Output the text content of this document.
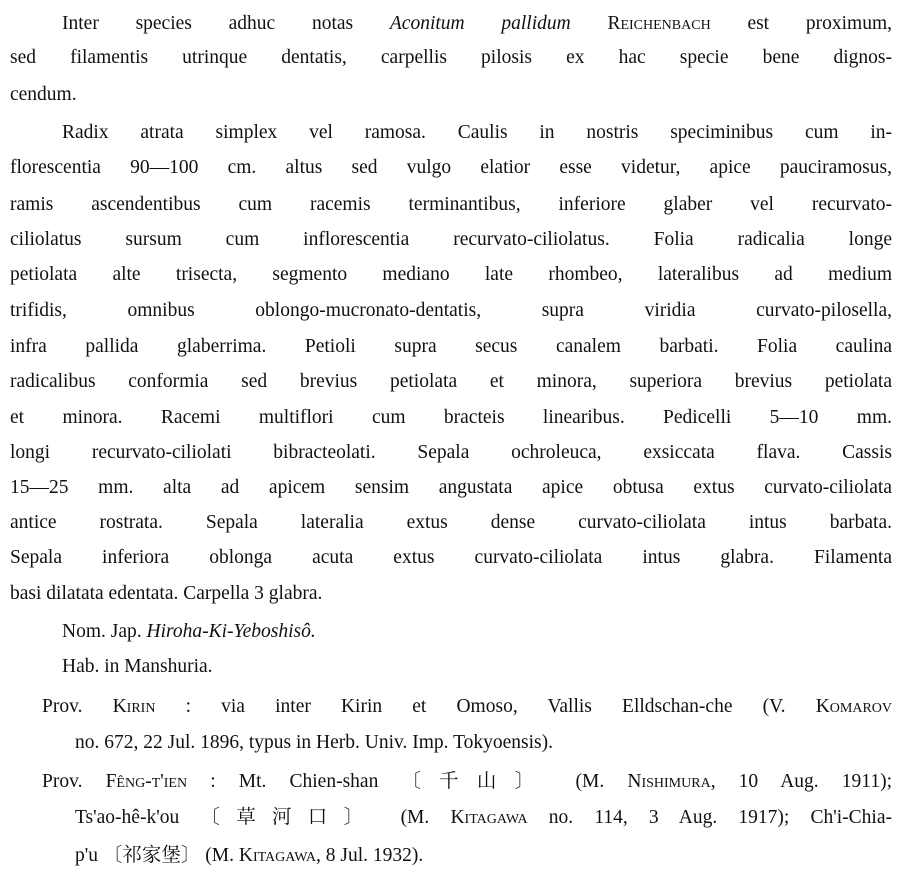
Inter species adhuc notas Aconitum pallidum Reichenbach est proximum,
sed filamentis utrinque dentatis, carpellis pilosis ex hac specie bene dignos-
cendum.
Radix atrata simplex vel ramosa. Caulis in nostris speciminibus cum in-
florescentia 90—100 cm. altus sed vulgo elatior esse videtur, apice pauciramosus,
ramis ascendentibus cum racemis terminantibus, inferiore glaber vel recurvato-
ciliolatus sursum cum inflorescentia recurvato-ciliolatus. Folia radicalia longe
petiolata alte trisecta, segmento mediano late rhombeo, lateralibus ad medium
trifidis, omnibus oblongo-mucronato-dentatis, supra viridia curvato-pilosella,
infra pallida glaberrima. Petioli supra secus canalem barbati. Folia caulina
radicalibus conformia sed brevius petiolata et minora, superiora brevius petiolata
et minora. Racemi multiflori cum bracteis linearibus. Pedicelli 5—10 mm.
longi recurvato-ciliolati bibracteolati. Sepala ochroleuca, exsiccata flava. Cassis
15—25 mm. alta ad apicem sensim angustata apice obtusa extus curvato-ciliolata
antice rostrata. Sepala lateralia extus dense curvato-ciliolata intus barbata.
Sepala inferiora oblonga acuta extus curvato-ciliolata intus glabra. Filamenta
basi dilatata edentata. Carpella 3 glabra.
Nom. Jap. Hiroha-Ki-Yeboshisô.
Hab. in Manshuria.
Prov. Kirin : via inter Kirin et Omoso, Vallis Elldschan-che (V. Komarov
no. 672, 22 Jul. 1896, typus in Herb. Univ. Imp. Tokyoensis).
Prov. Fêng-t'ien : Mt. Chien-shan 〔千山〕 (M. Nishimura, 10 Aug. 1911);
Ts'ao-hê-k'ou 〔草河口〕 (M. Kitagawa no. 114, 3 Aug. 1917); Ch'i-Chia-
p'u 〔祁家堡〕 (M. Kitagawa, 8 Jul. 1932).
